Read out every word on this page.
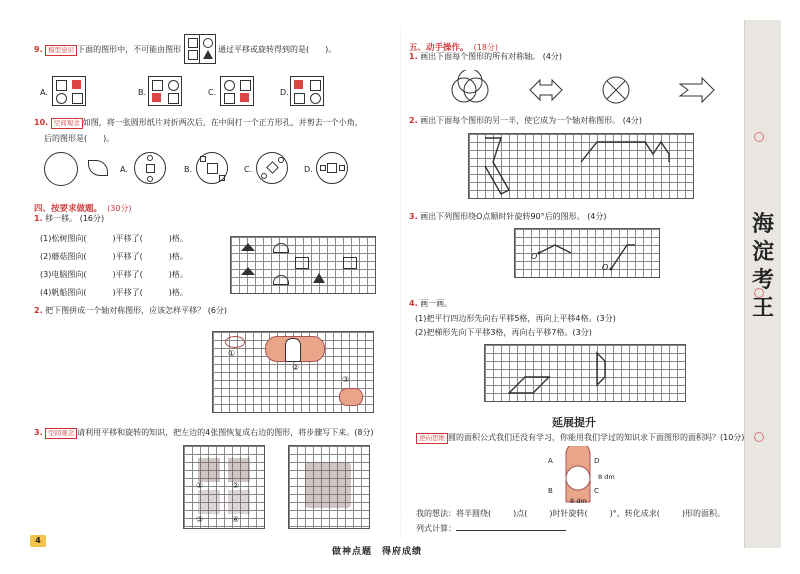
9. 模型意识 下面的图形中，不可能由图形	通过平移或旋转得到的是(　　)。
A.	B.	C.	D.
10. 空间观念 如图，将一张圆形纸片对折两次后，在中间打一个正方形孔，并剪去一个小角，
后的图形是(　　)。
A.	B.	C.	D.
四、按要求做题。 (30分)
1. 移一移。 (16分)
(1)松树图向(	)平移了(	)格。
(2)蘑菇图向(	)平移了(	)格。
(3)电脑图向(	)平移了(	)格。
(4)帆船图向(	)平移了(	)格。
2. 把下图拼成一个轴对称图形，应该怎样平移？ (6分)
①
②
③
3. 空间观念 请利用平移和旋转的知识，把左边的4张图恢复成右边的图形，将步骤写下来。(8分)
①	②
③	④
五、动手操作。 (18分)
1. 画出下面每个图形的所有对称轴。 (4分)
2. 画出下面每个图形的另一半，使它成为一个轴对称图形。 (4分)
3. 画出下列图形绕O点顺时针旋转90°后的图形。 (4分)
O
O
4. 画一画。
(1)把平行四边形先向右平移5格，再向上平移4格。(3分)
(2)把梯形先向下平移3格，再向右平移7格。(3分)
延展提升
逆向思维 圆的面积公式我们还没有学习，你能用我们学过的知识求下面图形的面积吗？(10分)
A	D
B	C
8 dm
8 dm
我的想法：将半圆绕(	)点(	)时针旋转(	)°，转化成求(	)形的面积。
列式计算：
海
淀
考
王
4
做神点题　得府成绩
